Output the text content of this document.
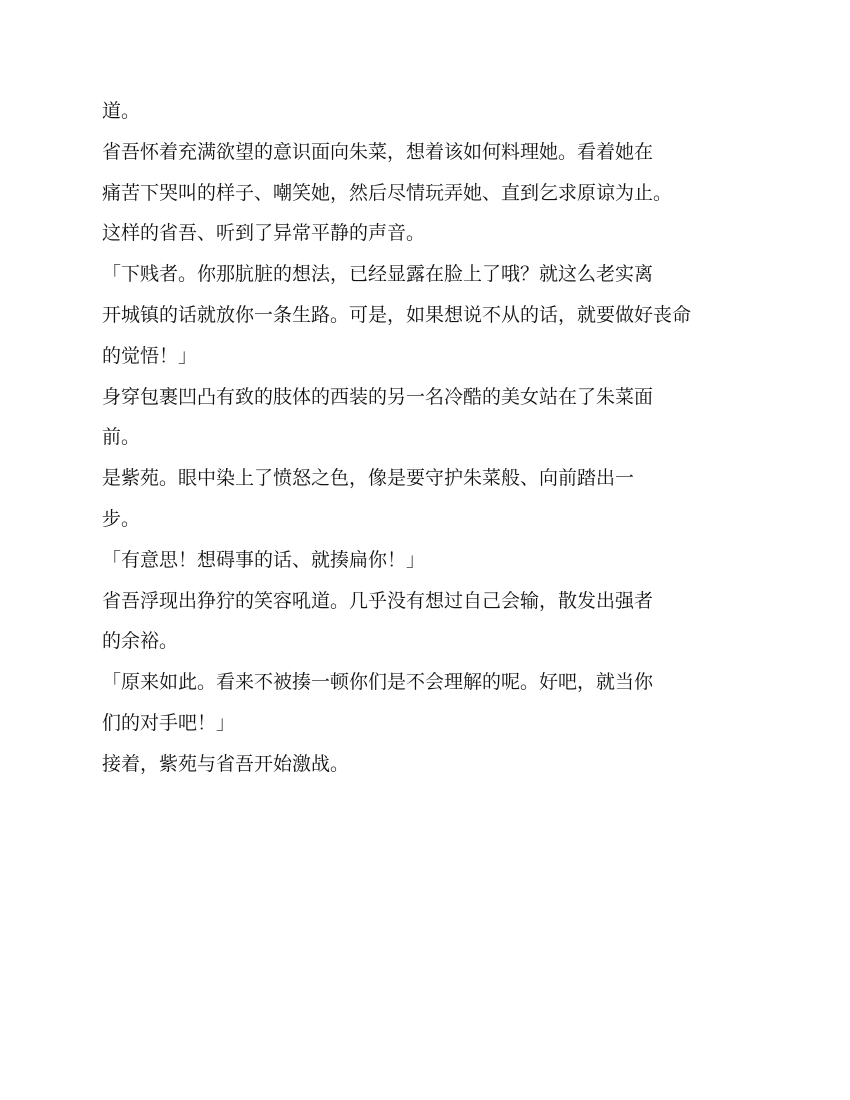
道。
省吾怀着充满欲望的意识面向朱菜，想着该如何料理她。看着她在
痛苦下哭叫的样子、嘲笑她，然后尽情玩弄她、直到乞求原谅为止。
这样的省吾、听到了异常平静的声音。
「下贱者。你那肮脏的想法，已经显露在脸上了哦？就这么老实离
开城镇的话就放你一条生路。可是，如果想说不从的话，就要做好丧命
的觉悟！」
身穿包裹凹凸有致的肢体的西装的另一名冷酷的美女站在了朱菜面
前。
是紫苑。眼中染上了愤怒之色，像是要守护朱菜般、向前踏出一
步。
「有意思！想碍事的话、就揍扁你！」
省吾浮现出狰狞的笑容吼道。几乎没有想过自己会输，散发出强者
的余裕。
「原来如此。看来不被揍一顿你们是不会理解的呢。好吧，就当你
们的对手吧！」
接着，紫苑与省吾开始激战。
